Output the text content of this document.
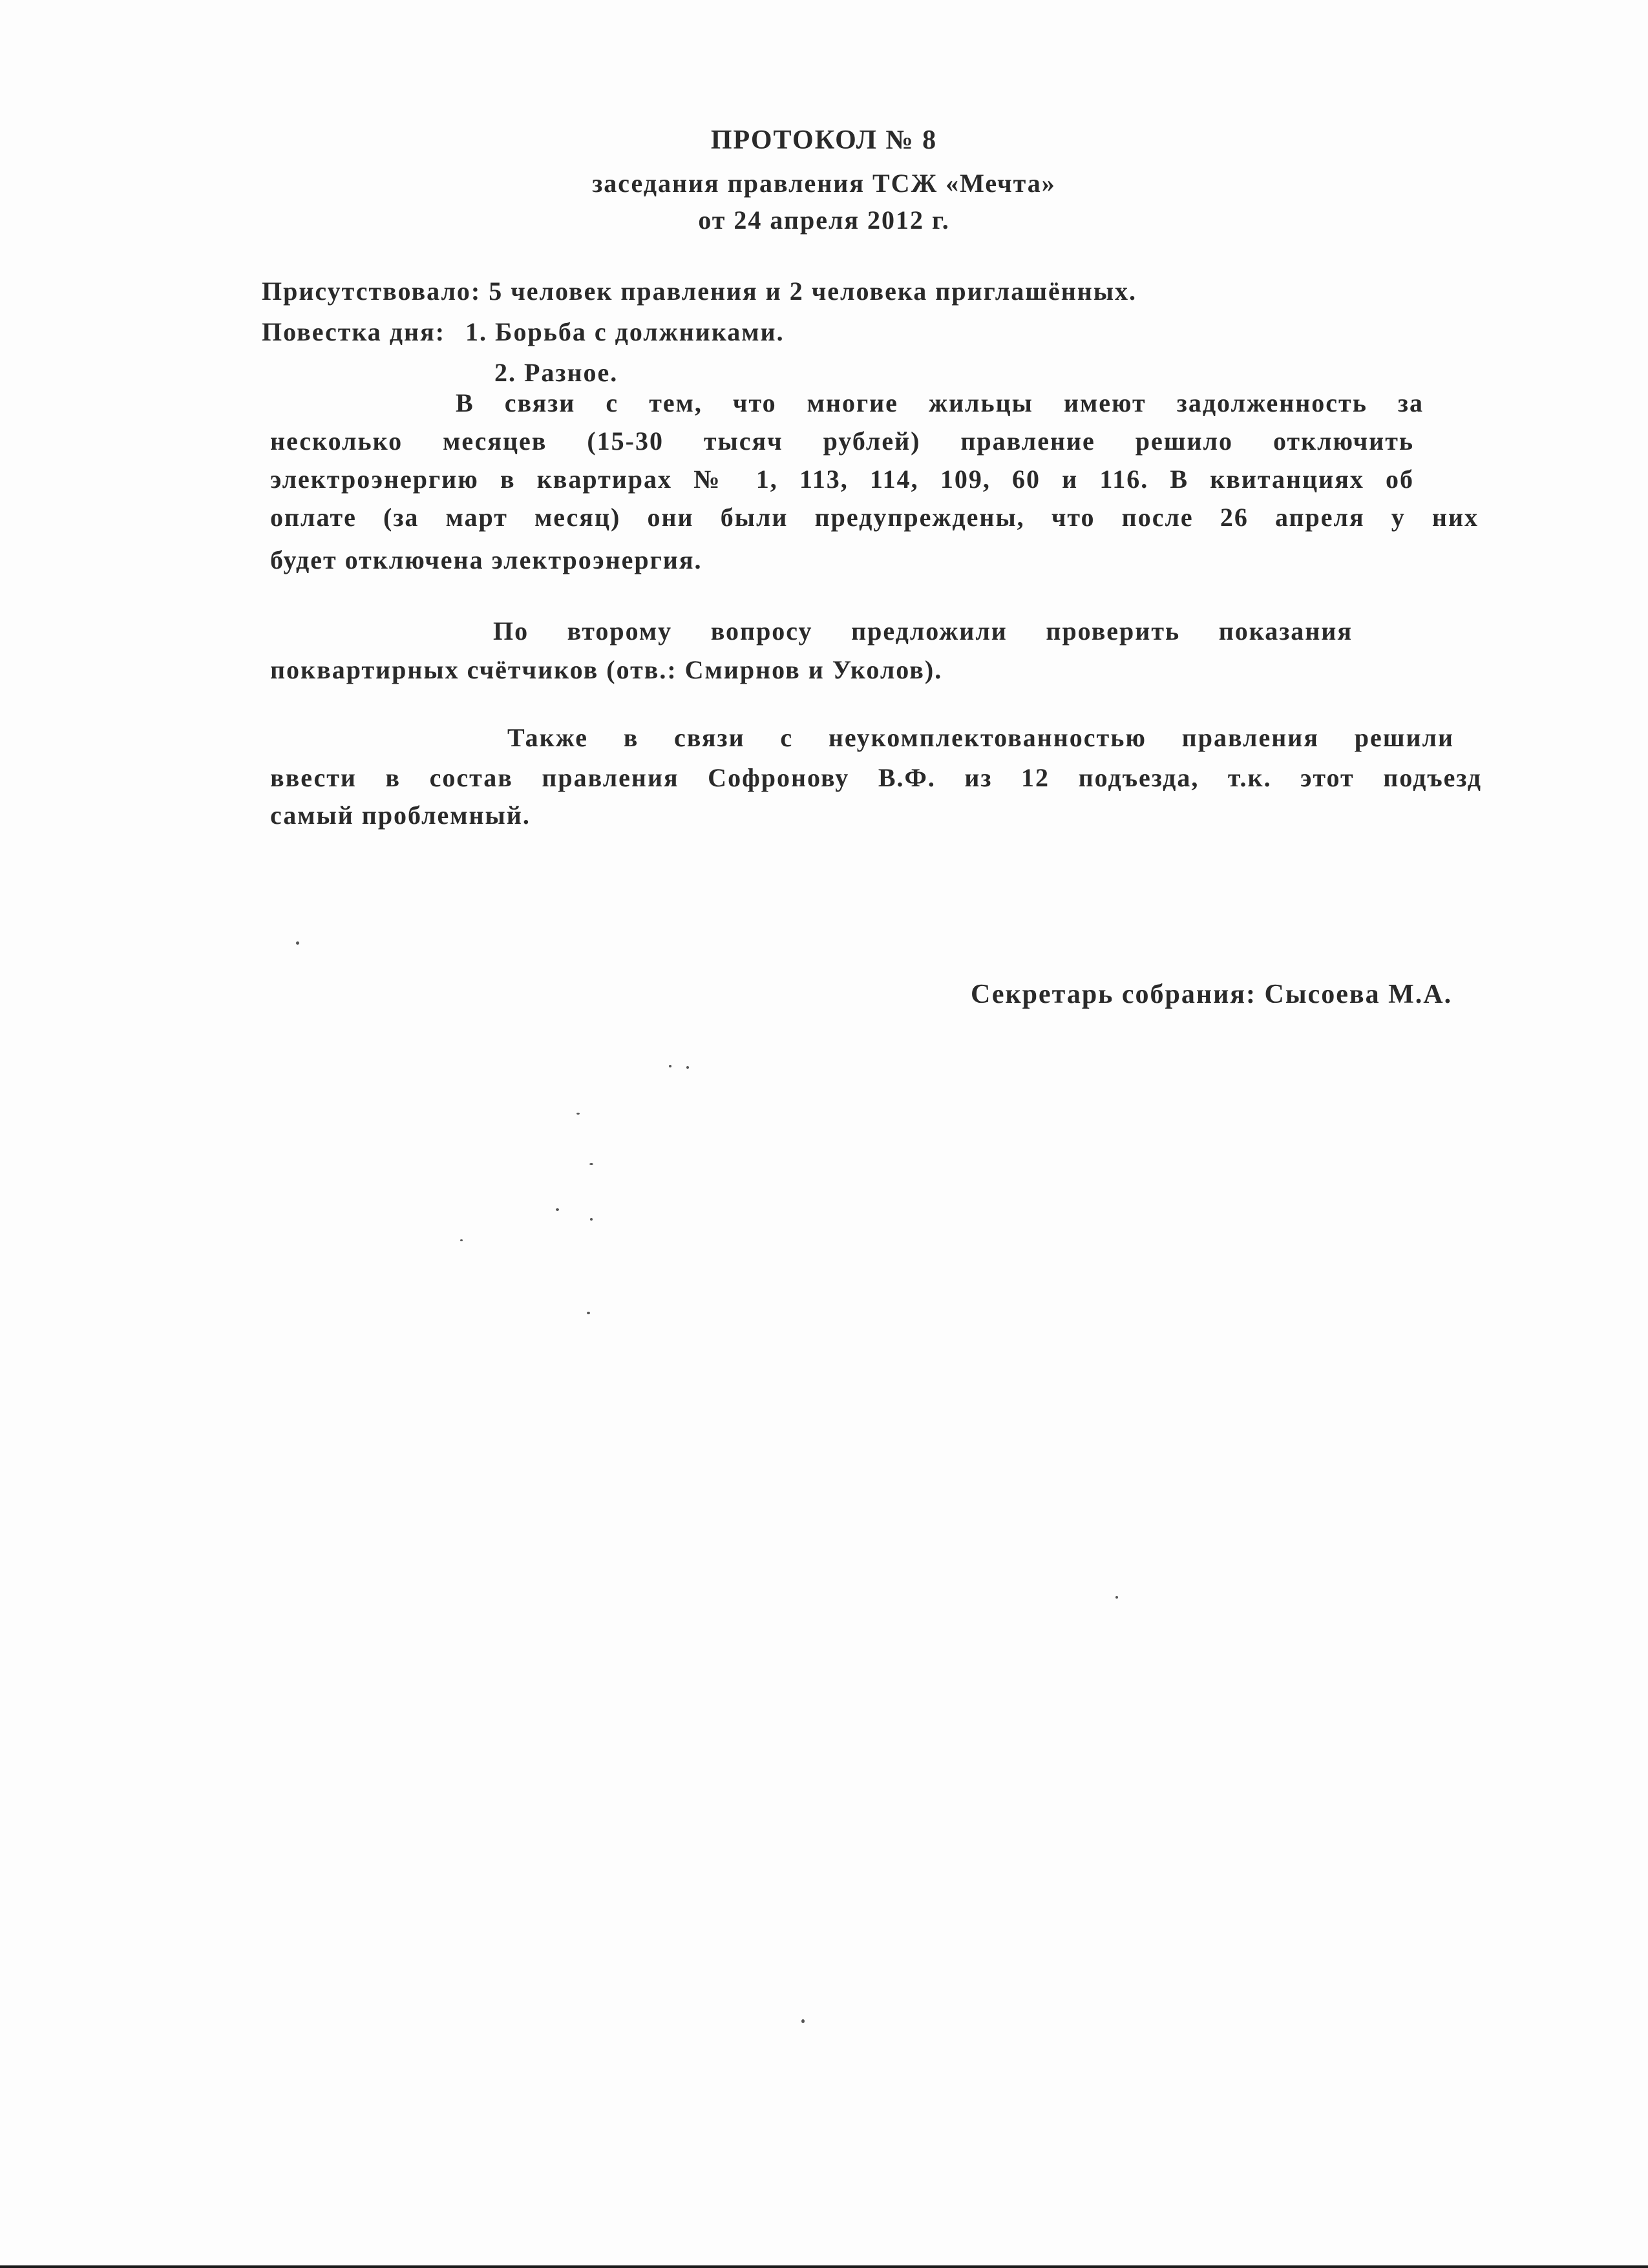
ПРОТОКОЛ № 8
заседания правления ТСЖ «Мечта»
от 24 апреля 2012 г.
Присутствовало: 5 человек правления и 2 человека приглашённых.
Повестка дня: 1. Борьба с должниками.
2. Разное.
В связи с тем, что многие жильцы имеют задолженность за
несколько месяцев (15-30 тысяч рублей) правление решило отключить
электроэнергию в квартирах № 1, 113, 114, 109, 60 и 116. В квитанциях об
оплате (за март месяц) они были предупреждены, что после 26 апреля у них
будет отключена электроэнергия.
По второму вопросу предложили проверить показания
поквартирных счётчиков (отв.: Смирнов и Уколов).
Также в связи с неукомплектованностью правления решили
ввести в состав правления Софронову В.Ф. из 12 подъезда, т.к. этот подъезд
самый проблемный.
Секретарь собрания: Сысоева М.А.
